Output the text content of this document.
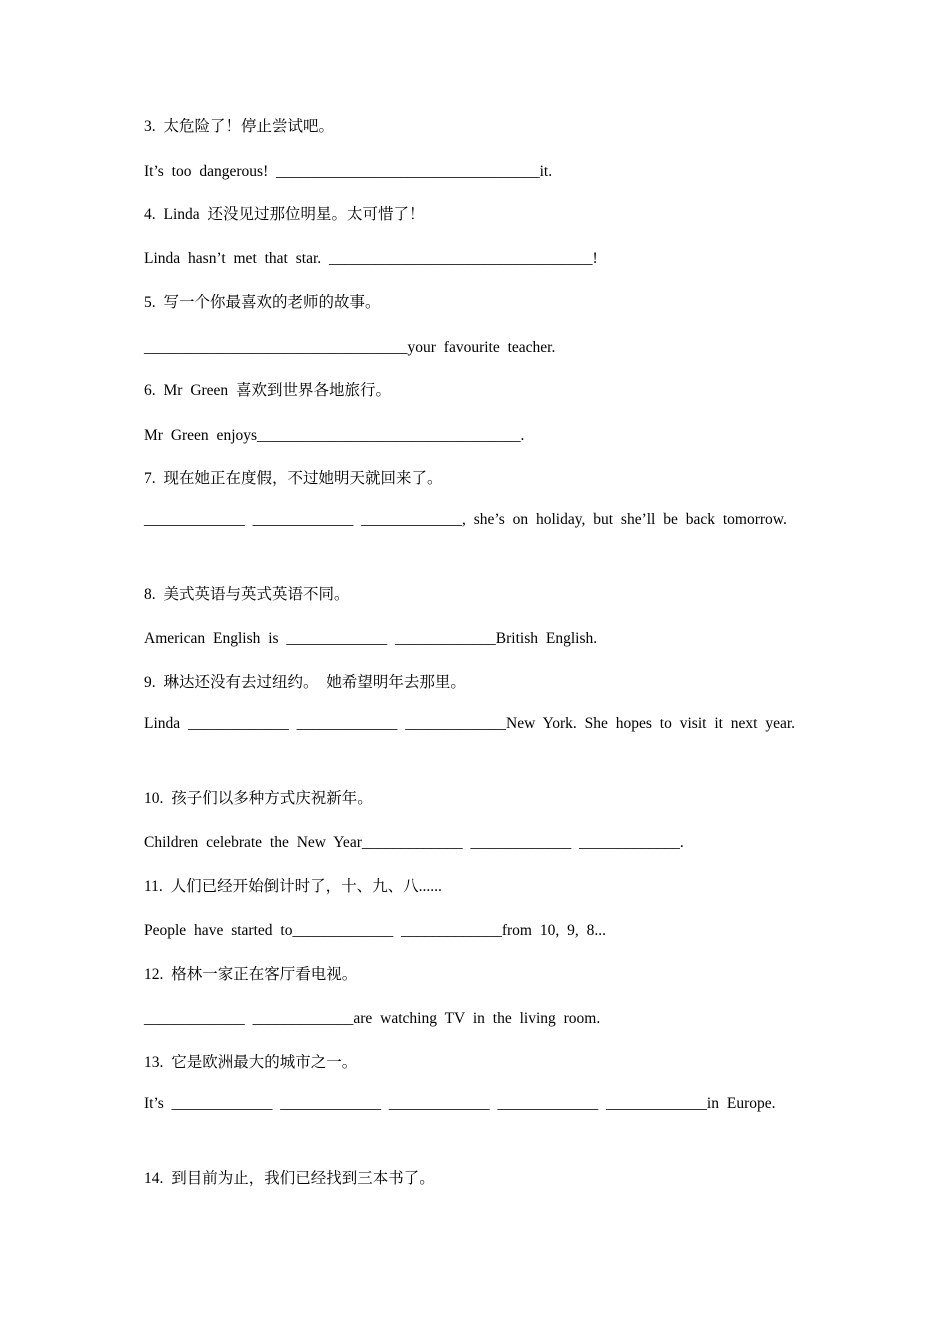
3. 太危险了！停止尝试吧。

It’s too dangerous! __________________________________it.

4. Linda 还没见过那位明星。太可惜了！

Linda hasn’t met that star. __________________________________!

5. 写一个你最喜欢的老师的故事。

__________________________________your favourite teacher.

6. Mr Green 喜欢到世界各地旅行。

Mr Green enjoys__________________________________.

7. 现在她正在度假，不过她明天就回来了。

_____________ _____________ _____________, she’s on holiday, but she’ll be back tomorrow.

8. 美式英语与英式英语不同。

American English is _____________ _____________British English.

9. 琳达还没有去过纽约。 她希望明年去那里。

Linda _____________ _____________ _____________New York. She hopes to visit it next year.

10. 孩子们以多种方式庆祝新年。

Children celebrate the New Year_____________ _____________ _____________.

11. 人们已经开始倒计时了，十、九、八......

People have started to_____________ _____________from 10, 9, 8...

12. 格林一家正在客厅看电视。

_____________ _____________are watching TV in the living room.

13. 它是欧洲最大的城市之一。

It’s _____________ _____________ _____________ _____________ _____________in Europe.

14. 到目前为止，我们已经找到三本书了。
